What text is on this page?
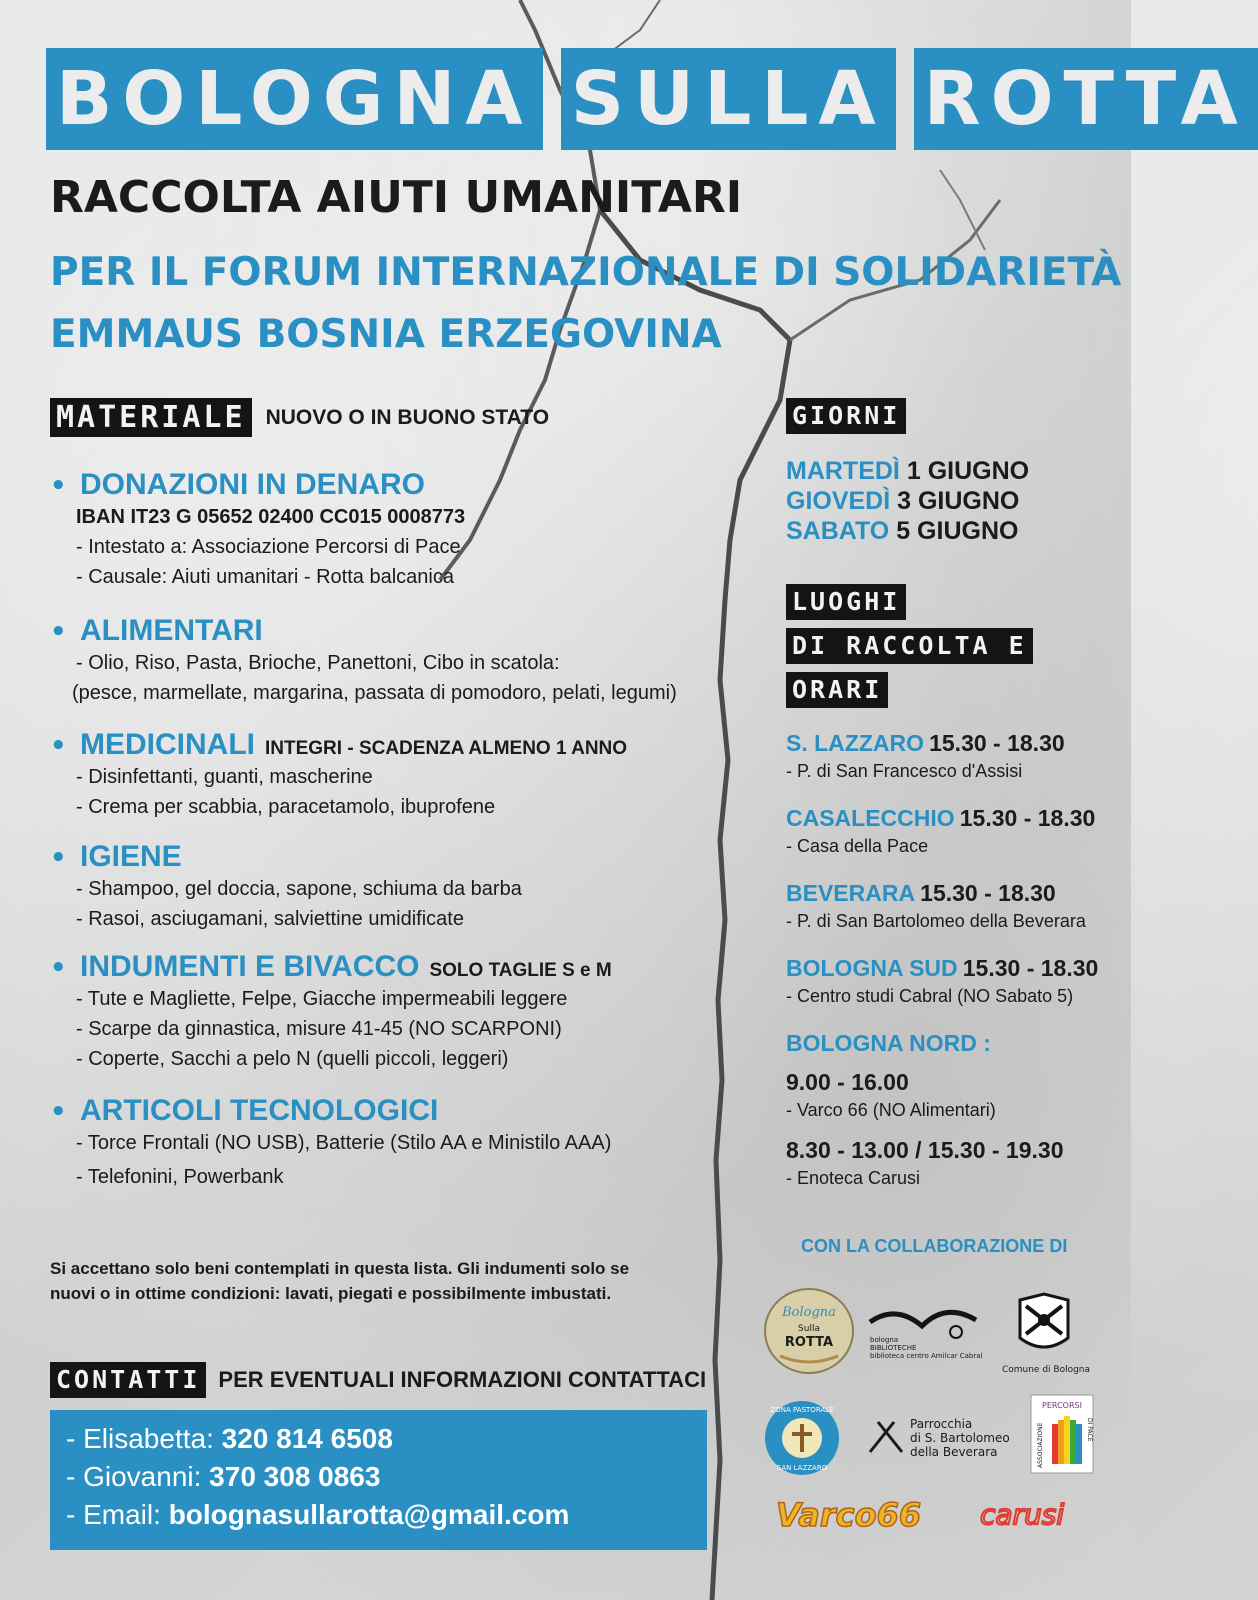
BOLOGNA SULLA ROTTA
RACCOLTA AIUTI UMANITARI
PER IL FORUM INTERNAZIONALE DI SOLIDARIETÀ
EMMAUS BOSNIA ERZEGOVINA
MATERIALE NUOVO O IN BUONO STATO
• DONAZIONI IN DENARO
IBAN IT23 G 05652 02400 CC015 0008773
- Intestato a: Associazione Percorsi di Pace
- Causale: Aiuti umanitari - Rotta balcanica
• ALIMENTARI
- Olio, Riso, Pasta, Brioche, Panettoni, Cibo in scatola:
(pesce, marmellate, margarina, passata di pomodoro, pelati, legumi)
• MEDICINALI INTEGRI - SCADENZA ALMENO 1 ANNO
- Disinfettanti, guanti, mascherine
- Crema per scabbia, paracetamolo, ibuprofene
• IGIENE
- Shampoo, gel doccia, sapone, schiuma da barba
- Rasoi, asciugamani, salviettine umidificate
• INDUMENTI E BIVACCO SOLO TAGLIE S e M
- Tute e Magliette, Felpe, Giacche impermeabili leggere
- Scarpe da ginnastica, misure 41-45 (NO SCARPONI)
- Coperte, Sacchi a pelo N (quelli piccoli, leggeri)
• ARTICOLI TECNOLOGICI
- Torce Frontali (NO USB), Batterie (Stilo AA e Ministilo AAA)
- Telefonini, Powerbank
Si accettano solo beni contemplati in questa lista. Gli indumenti solo se nuovi o in ottime condizioni: lavati, piegati e possibilmente imbustati.
CONTATTI PER EVENTUALI INFORMAZIONI CONTATTACI
- Elisabetta: 320 814 6508
- Giovanni: 370 308 0863
- Email: bolognasullarotta@gmail.com
GIORNI
MARTEDÌ 1 GIUGNO
GIOVEDÌ 3 GIUGNO
SABATO 5 GIUGNO
LUOGHI
DI RACCOLTA E
ORARI
S. LAZZARO 15.30 - 18.30
- P. di San Francesco d'Assisi
CASALECCHIO 15.30 - 18.30
- Casa della Pace
BEVERARA 15.30 - 18.30
- P. di San Bartolomeo della Beverara
BOLOGNA SUD 15.30 - 18.30
- Centro studi Cabral (NO Sabato 5)
BOLOGNA NORD :
9.00 - 16.00
- Varco 66 (NO Alimentari)
8.30 - 13.00 / 15.30 - 19.30
- Enoteca Carusi
CON LA COLLABORAZIONE DI
Bologna
Sulla
ROTTA	bologna
BIBLIOTECHE
biblioteca centro Amilcar Cabral
Comune di Bologna
ZONA PASTORALE
SAN LAZZARO
Parrocchia
di S. Bartolomeo
della Beverara
PERCORSI
ASSOCIAZIONE	DI PACE
Varco66 carusi
